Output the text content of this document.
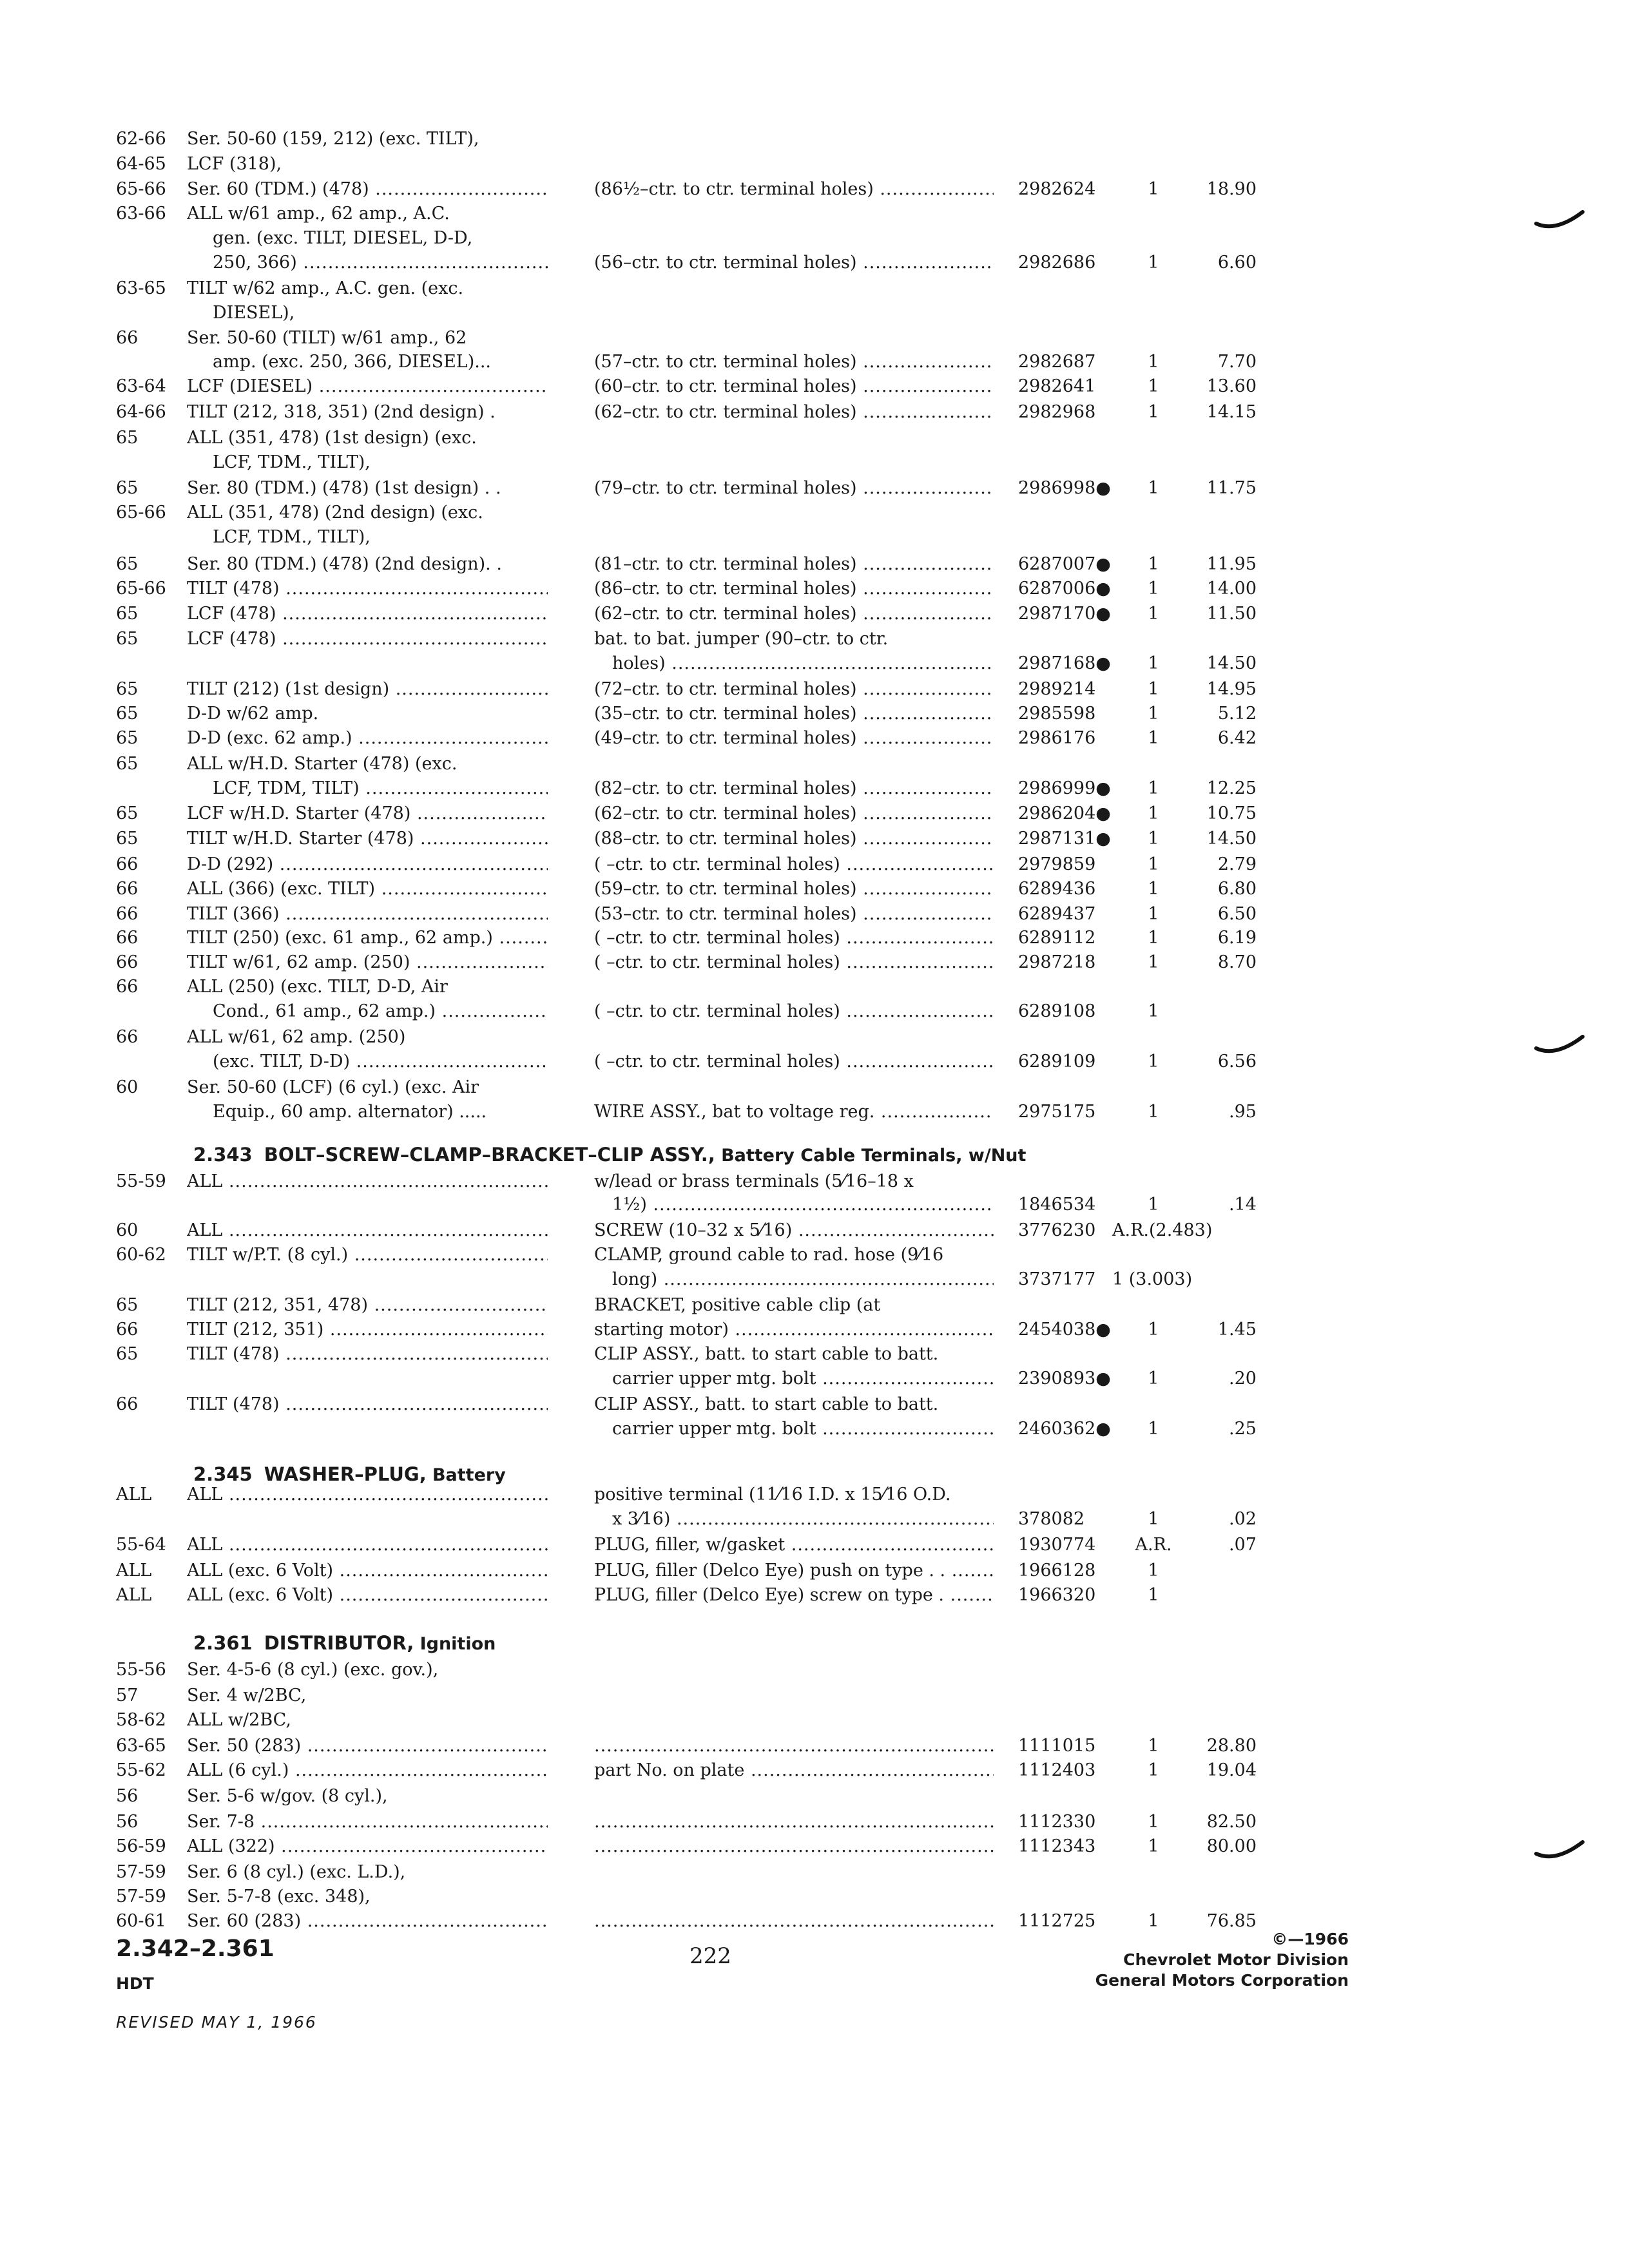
2.343 BOLT–SCREW–CLAMP–BRACKET–CLIP ASSY., Battery Cable Terminals, w/Nut
2.345 WASHER–PLUG, Battery
2.361 DISTRIBUTOR, Ignition
62-66	Ser. 50-60 (159, 212) (exc. TILT),
64-65	LCF (318),
65-66	Ser. 60 (TDM.) (478) .....	(86½–ctr. to ctr. terminal holes) .....	2982624	1	18.90
63-66	ALL w/61 amp., 62 amp., A.C.
gen. (exc. TILT, DIESEL, D-D,
250, 366) .....	(56–ctr. to ctr. terminal holes) .....	2982686	1	6.60
63-65	TILT w/62 amp., A.C. gen. (exc.
DIESEL),
66	Ser. 50-60 (TILT) w/61 amp., 62
amp. (exc. 250, 366, DIESEL)...	(57–ctr. to ctr. terminal holes) .....	2982687	1	7.70
63-64	LCF (DIESEL) .....	(60–ctr. to ctr. terminal holes) .....	2982641	1	13.60
64-66	TILT (212, 318, 351) (2nd design) .	(62–ctr. to ctr. terminal holes) .....	2982968	1	14.15
65	ALL (351, 478) (1st design) (exc.
LCF, TDM., TILT),
65	Ser. 80 (TDM.) (478) (1st design) . .	(79–ctr. to ctr. terminal holes) .....	2986998●	1	11.75
65-66	ALL (351, 478) (2nd design) (exc.
LCF, TDM., TILT),
65	Ser. 80 (TDM.) (478) (2nd design). .	(81–ctr. to ctr. terminal holes) .....	6287007●	1	11.95
65-66	TILT (478) .....	(86–ctr. to ctr. terminal holes) .....	6287006●	1	14.00
65	LCF (478) .....	(62–ctr. to ctr. terminal holes) .....	2987170●	1	11.50
65	LCF (478) .....	bat. to bat. jumper (90–ctr. to ctr.
holes) .....	2987168●	1	14.50
65	TILT (212) (1st design) .....	(72–ctr. to ctr. terminal holes) .....	2989214	1	14.95
65	D-D w/62 amp.	(35–ctr. to ctr. terminal holes) .....	2985598	1	5.12
65	D-D (exc. 62 amp.) .....	(49–ctr. to ctr. terminal holes) .....	2986176	1	6.42
65	ALL w/H.D. Starter (478) (exc.
LCF, TDM, TILT) .....	(82–ctr. to ctr. terminal holes) .....	2986999●	1	12.25
65	LCF w/H.D. Starter (478) .....	(62–ctr. to ctr. terminal holes) .....	2986204●	1	10.75
65	TILT w/H.D. Starter (478) .....	(88–ctr. to ctr. terminal holes) .....	2987131●	1	14.50
66	D-D (292) .....	( –ctr. to ctr. terminal holes) .....	2979859	1	2.79
66	ALL (366) (exc. TILT) .....	(59–ctr. to ctr. terminal holes) .....	6289436	1	6.80
66	TILT (366) .....	(53–ctr. to ctr. terminal holes) .....	6289437	1	6.50
66	TILT (250) (exc. 61 amp., 62 amp.) .....	( –ctr. to ctr. terminal holes) .....	6289112	1	6.19
66	TILT w/61, 62 amp. (250) .....	( –ctr. to ctr. terminal holes) .....	2987218	1	8.70
66	ALL (250) (exc. TILT, D-D, Air
Cond., 61 amp., 62 amp.) .....	( –ctr. to ctr. terminal holes) .....	6289108	1
66	ALL w/61, 62 amp. (250)
(exc. TILT, D-D) .....	( –ctr. to ctr. terminal holes) .....	6289109	1	6.56
60	Ser. 50-60 (LCF) (6 cyl.) (exc. Air
Equip., 60 amp. alternator) .....	WIRE ASSY., bat to voltage reg. .....	2975175	1	.95
55-59	ALL .....	w/lead or brass terminals (5⁄16–18 x
1½) .....	1846534	1	.14
60	ALL .....	SCREW (10–32 x 5⁄16) .....	3776230 A.R.(2.483)
60-62	TILT w/P.T. (8 cyl.) .....	CLAMP, ground cable to rad. hose (9⁄16
long) .....	3737177 1 (3.003)
65	TILT (212, 351, 478) .....	BRACKET, positive cable clip (at
66	TILT (212, 351) .....	starting motor) .....	2454038●	1	1.45
65	TILT (478) .....	CLIP ASSY., batt. to start cable to batt.
carrier upper mtg. bolt .....	2390893●	1	.20
66	TILT (478) .....	CLIP ASSY., batt. to start cable to batt.
carrier upper mtg. bolt .....	2460362●	1	.25
ALL	ALL .....	positive terminal (11⁄16 I.D. x 15⁄16 O.D.
x 3⁄16) .....	378082	1	.02
55-64	ALL .....	PLUG, filler, w/gasket .....	1930774	A.R.	.07
ALL	ALL (exc. 6 Volt) .....	PLUG, filler (Delco Eye) push on type . . .....	1966128	1
ALL	ALL (exc. 6 Volt) .....	PLUG, filler (Delco Eye) screw on type . .....	1966320	1
55-56	Ser. 4-5-6 (8 cyl.) (exc. gov.),
57	Ser. 4 w/2BC,
58-62	ALL w/2BC,
63-65	Ser. 50 (283) ..... .....	1111015	1	28.80
55-62	ALL (6 cyl.) .....	part No. on plate .....	1112403	1	19.04
56	Ser. 5-6 w/gov. (8 cyl.),
56	Ser. 7-8 ..... .....	1112330	1	82.50
56-59	ALL (322) ..... .....	1112343	1	80.00
57-59	Ser. 6 (8 cyl.) (exc. L.D.),
57-59	Ser. 5-7-8 (exc. 348),
60-61	Ser. 60 (283) ..... .....	1112725	1	76.85
2.342–2.361
HDT
REVISED MAY 1, 1966
222
©—1966
Chevrolet Motor Division
General Motors Corporation
